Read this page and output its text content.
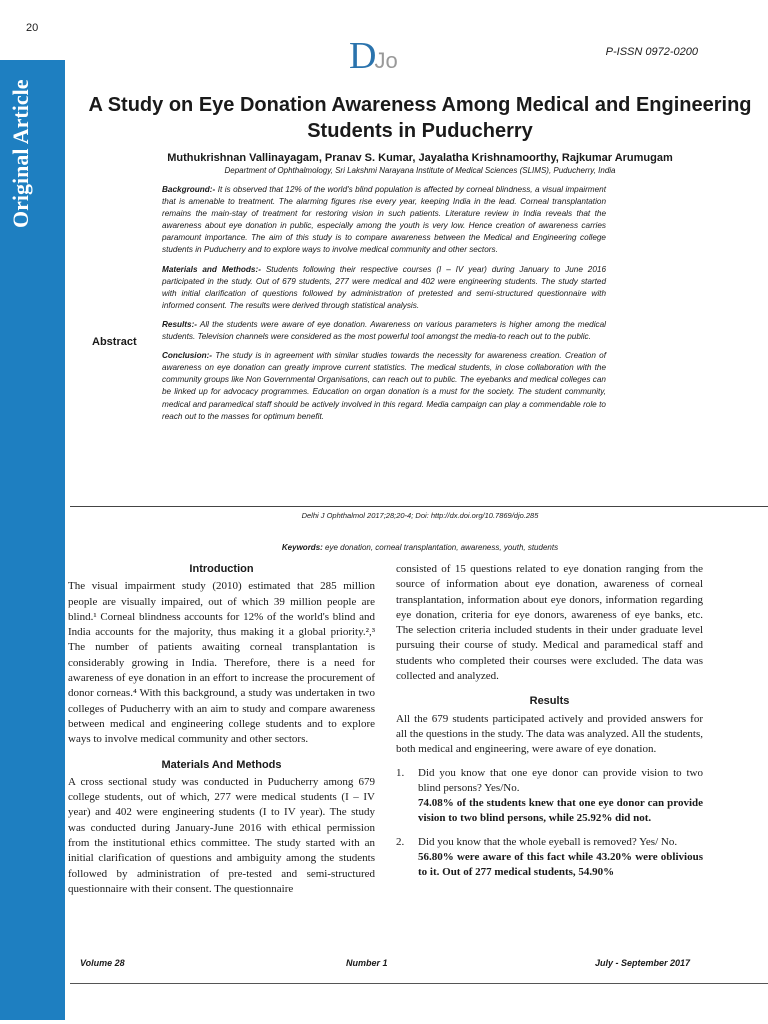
20
Original Article
DJo	P-ISSN 0972-0200
A Study on Eye Donation Awareness Among Medical and Engineering Students in Puducherry
Muthukrishnan Vallinayagam, Pranav S. Kumar, Jayalatha Krishnamoorthy, Rajkumar Arumugam
Department of Ophthalmology, Sri Lakshmi Narayana Institute of Medical Sciences (SLIMS), Puducherry, India
Abstract

Background:- It is observed that 12% of the world's blind population is affected by corneal blindness, a visual impairment that is amenable to treatment. The alarming figures rise every year, keeping India in the lead. Corneal transplantation remains the main-stay of treatment for restoring vision in such patients. Literature review in India reveals that the awareness about eye donation in public, especially among the youth is very low. Hence creation of awareness carries paramount importance. The aim of this study is to compare awareness between the Medical and Engineering college students in Puducherry and to explore ways to involve medical community and other sectors.

Materials and Methods:- Students following their respective courses (I – IV year) during January to June 2016 participated in the study. Out of 679 students, 277 were medical and 402 were engineering students. The study started with initial clarification of questions followed by administration of pretested and semi-structured questionnaire with informed consent. The results were derived through statistical analysis.

Results:- All the students were aware of eye donation. Awareness on various parameters is higher among the medical students. Television channels were considered as the most powerful tool amongst the media-to reach out to the public.

Conclusion:- The study is in agreement with similar studies towards the necessity for awareness creation. Creation of awareness on eye donation can greatly improve current statistics. The medical students, in close collaboration with the community groups like Non Governmental Organisations, can reach out to public. The eyebanks and medical colleges can be linked up for advocacy programmes. Education on organ donation is a must for the society. The student community, medical and paramedical staff should be actively involved in this regard. Media campaign can play a commendable role to reach out to the masses for optimum benefit.

Delhi J Ophthalmol 2017;28;20-4; Doi: http://dx.doi.org/10.7869/djo.285
Keywords: eye donation, corneal transplantation, awareness, youth, students
Introduction

The visual impairment study (2010) estimated that 285 million people are visually impaired, out of which 39 million people are blind.¹ Corneal blindness accounts for 12% of the world's blind and India accounts for the majority, thus making it a global priority.²,³ The number of patients awaiting corneal transplantation is considerably growing in India. Therefore, there is a need for awareness of eye donation in an effort to increase the procurement of donor corneas.⁴ With this background, a study was undertaken in two colleges of Puducherry with an aim to study and compare awareness between medical and engineering college students and to explore ways to involve medical community and other sectors.

Materials And Methods

A cross sectional study was conducted in Puducherry among 679 college students, out of which, 277 were medical students (I – IV year) and 402 were engineering students (I to IV year). The study was conducted during January-June 2016 with ethical permission from the institutional ethics committee. The study started with an initial clarification of questions and ambiguity among the students followed by administration of pre-tested and semi-structured questionnaire with their consent. The questionnaire

consisted of 15 questions related to eye donation ranging from the source of information about eye donation, awareness of corneal transplantation, information about eye donors, information regarding eye donation, criteria for eye donors, awareness of eye banks, etc. The selection criteria included students in their under graduate level pursuing their course of study. Medical and paramedical staff and students who completed their courses were excluded. The data was collected and analyzed.

Results

All the 679 students participated actively and provided answers for all the questions in the study. The data was analyzed. All the students, both medical and engineering, were aware of eye donation.

1.	Did you know that one eye donor can provide vision to two blind persons? Yes/No.
74.08% of the students knew that one eye donor can provide vision to two blind persons, while 25.92% did not.
2.	Did you know that the whole eyeball is removed? Yes/ No.
56.80% were aware of this fact while 43.20% were oblivious to it. Out of 277 medical students, 54.90%
Volume 28	Number 1	July - September 2017
